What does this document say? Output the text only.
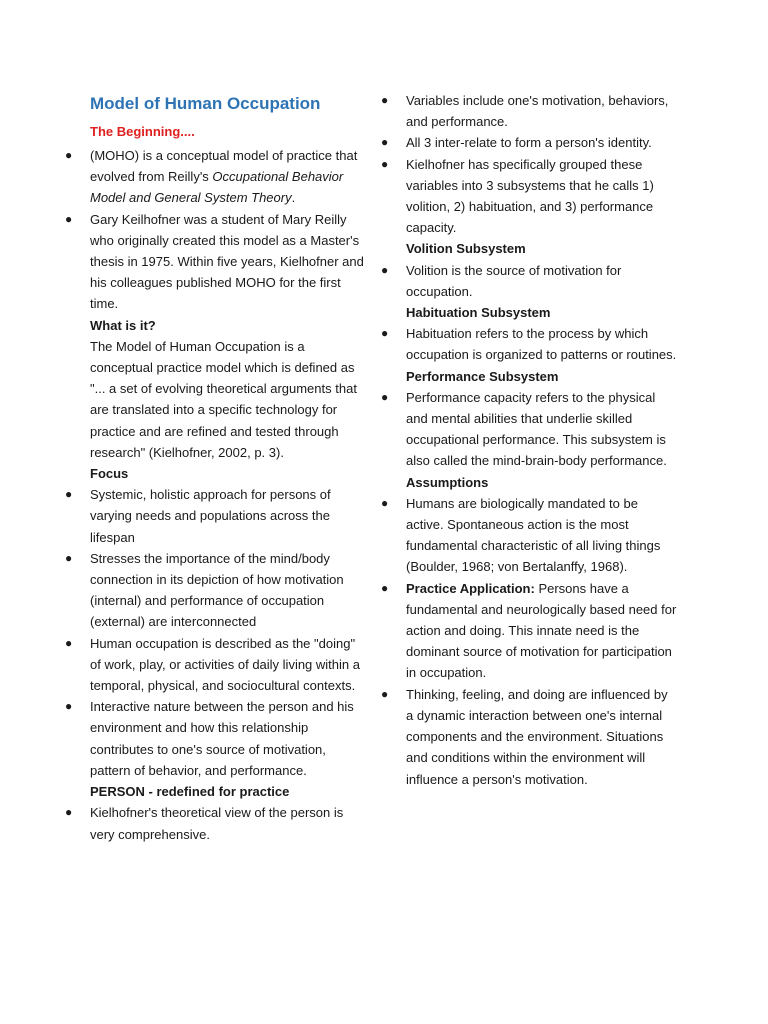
Model of Human Occupation
The Beginning....
● (MOHO) is a conceptual model of practice that evolved from Reilly's Occupational Behavior Model and General System Theory.
● Gary Keilhofner was a student of Mary Reilly who originally created this model as a Master's thesis in 1975. Within five years, Kielhofner and his colleagues published MOHO for the first time.
What is it?
The Model of Human Occupation is a conceptual practice model which is defined as "... a set of evolving theoretical arguments that are translated into a specific technology for practice and are refined and tested through research" (Kielhofner, 2002, p. 3).
Focus
● Systemic, holistic approach for persons of varying needs and populations across the lifespan
● Stresses the importance of the mind/body connection in its depiction of how motivation (internal) and performance of occupation (external) are interconnected
● Human occupation is described as the "doing" of work, play, or activities of daily living within a temporal, physical, and sociocultural contexts.
● Interactive nature between the person and his environment and how this relationship contributes to one's source of motivation, pattern of behavior, and performance.
PERSON - redefined for practice
● Kielhofner's theoretical view of the person is very comprehensive.
● Variables include one's motivation, behaviors, and performance.
● All 3 inter-relate to form a person's identity.
● Kielhofner has specifically grouped these variables into 3 subsystems that he calls 1) volition, 2) habituation, and 3) performance capacity.
Volition Subsystem
● Volition is the source of motivation for occupation.
Habituation Subsystem
● Habituation refers to the process by which occupation is organized to patterns or routines.
Performance Subsystem
● Performance capacity refers to the physical and mental abilities that underlie skilled occupational performance. This subsystem is also called the mind-brain-body performance.
Assumptions
● Humans are biologically mandated to be active. Spontaneous action is the most fundamental characteristic of all living things (Boulder, 1968; von Bertalanffy, 1968).
● Practice Application: Persons have a fundamental and neurologically based need for action and doing. This innate need is the dominant source of motivation for participation in occupation.
● Thinking, feeling, and doing are influenced by a dynamic interaction between one's internal components and the environment. Situations and conditions within the environment will influence a person's motivation.
